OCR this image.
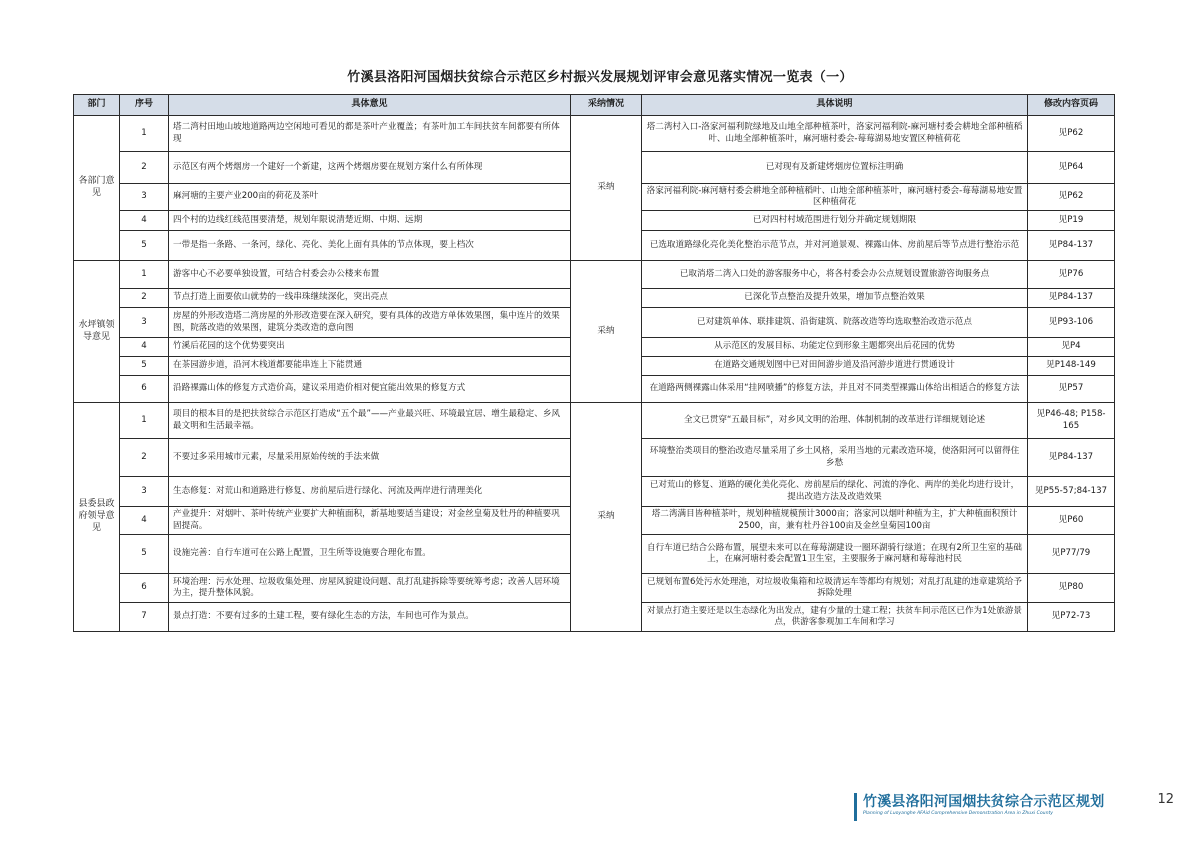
竹溪县洛阳河国烟扶贫综合示范区乡村振兴发展规划评审会意见落实情况一览表（一）
部门	序号	具体意见	采纳情况	具体说明	修改内容页码
各部门意见	1	塔二湾村田地山坡地道路两边空闲地可看见的都是茶叶产业覆盖；有茶叶加工车间扶贫车间都要有所体现	采纳	塔二湾村入口-洛家河福利院绿地及山地全部种植茶叶，洛家河福利院-麻河塘村委会耕地全部种植稻叶、山地全部种植茶叶，麻河塘村委会-莓莓湖易地安置区种植荷花	见P62
	2	示范区有两个烤烟房一个建好一个新建，这两个烤烟房要在规划方案什么有所体现		已对现有及新建烤烟房位置标注明确	见P64
	3	麻河塘的主要产业200亩的荷花及茶叶		洛家河福利院-麻河塘村委会耕地全部种植稻叶、山地全部种植茶叶，麻河塘村委会-莓莓湖易地安置区种植荷花	见P62
	4	四个村的边线红线范围要清楚，规划年限说清楚近期、中期、远期		已对四村村域范围进行划分并确定规划期限	见P19
	5	一带是指一条路、一条河，绿化、亮化、美化上面有具体的节点体现，要上档次		已选取道路绿化亮化美化整治示范节点，并对河道景观、裸露山体、房前屋后等节点进行整治示范	见P84-137
水坪镇领导意见	1	游客中心不必要单独设置，可结合村委会办公楼来布置	采纳	已取消塔二湾入口处的游客服务中心，将各村委会办公点规划设置旅游咨询服务点	见P76
	2	节点打造上面要依山就势的一线串珠继续深化，突出亮点		已深化节点整治及提升效果，增加节点整治效果	见P84-137
	3	房屋的外形改造塔二湾房屋的外形改造要在深入研究，要有具体的改造方单体效果图，集中连片的效果图，院落改造的效果图，建筑分类改造的意向图		已对建筑单体、联排建筑、沿街建筑、院落改造等均选取整治改造示范点	见P93-106
	4	竹溪后花园的这个优势要突出		从示范区的发展目标、功能定位到形象主题都突出后花园的优势	见P4
	5	在茶园游步道，沿河木栈道都要能串连上下能贯通		在道路交通规划图中已对田间游步道及沿河游步道进行贯通设计	见P148-149
	6	沿路裸露山体的修复方式造价高，建议采用造价相对便宜能出效果的修复方式		在道路两侧裸露山体采用“挂网喷播”的修复方法，并且对不同类型裸露山体给出相适合的修复方法	见P57
县委县政府领导意见	1	项目的根本目的是把扶贫综合示范区打造成“五个最”——产业最兴旺、环境最宜居、增生最稳定、乡风最文明和生活最幸福。	采纳	全文已贯穿“五最目标”，对乡风文明的治理、体制机制的改革进行详细规划论述	见P46-48; P158-165
	2	不要过多采用城市元素，尽量采用原始传统的手法来做		环境整治类项目的整治改造尽量采用了乡土风格，采用当地的元素改造环境，使洛阳河可以留得住乡愁	见P84-137
	3	生态修复：对荒山和道路进行修复、房前屋后进行绿化、河流及两岸进行清理美化		已对荒山的修复、道路的硬化美化亮化、房前屋后的绿化、河流的净化、两岸的美化均进行设计，提出改造方法及改造效果	见P55-57;84-137
	4	产业提升：对烟叶、茶叶传统产业要扩大种植面积，新基地要适当建设；对金丝皇菊及牡丹的种植要巩固提高。		塔二湾满目皆种植茶叶，规划种植规模预计3000亩；洛家河以烟叶种植为主，扩大种植面积预计2500，亩，兼有杜丹谷100亩及金丝皇菊园100亩	见P60
	5	设施完善：自行车道可在公路上配置，卫生所等设施要合理化布置。		自行车道已结合公路布置，展望未来可以在莓莓湖建设一圈环湖骑行绿道；在现有2所卫生室的基础上，在麻河塘村委会配置1卫生室，主要服务于麻河塘和莓莓池村民	见P77/79
	6	环境治理：污水处理、垃圾收集处理、房屋风貌建设问题、乱打乱建拆除等要统筹考虑；改善人居环境为主，提升整体风貌。		已规划布置6处污水处理池，对垃圾收集箱和垃圾清运车等都均有规划；对乱打乱建的违章建筑给予拆除处理	见P80
	7	景点打造：不要有过多的土建工程，要有绿化生态的方法，车间也可作为景点。		对景点打造主要还是以生态绿化为出发点，建有少量的土建工程；扶贫车间示范区已作为1处旅游景点，供游客参观加工车间和学习	见P72-73
竹溪县洛阳河国烟扶贫综合示范区规划
Planning of Luoyanghe AFAid Comprehensive Demonstration Area in Zhuxi County
12
